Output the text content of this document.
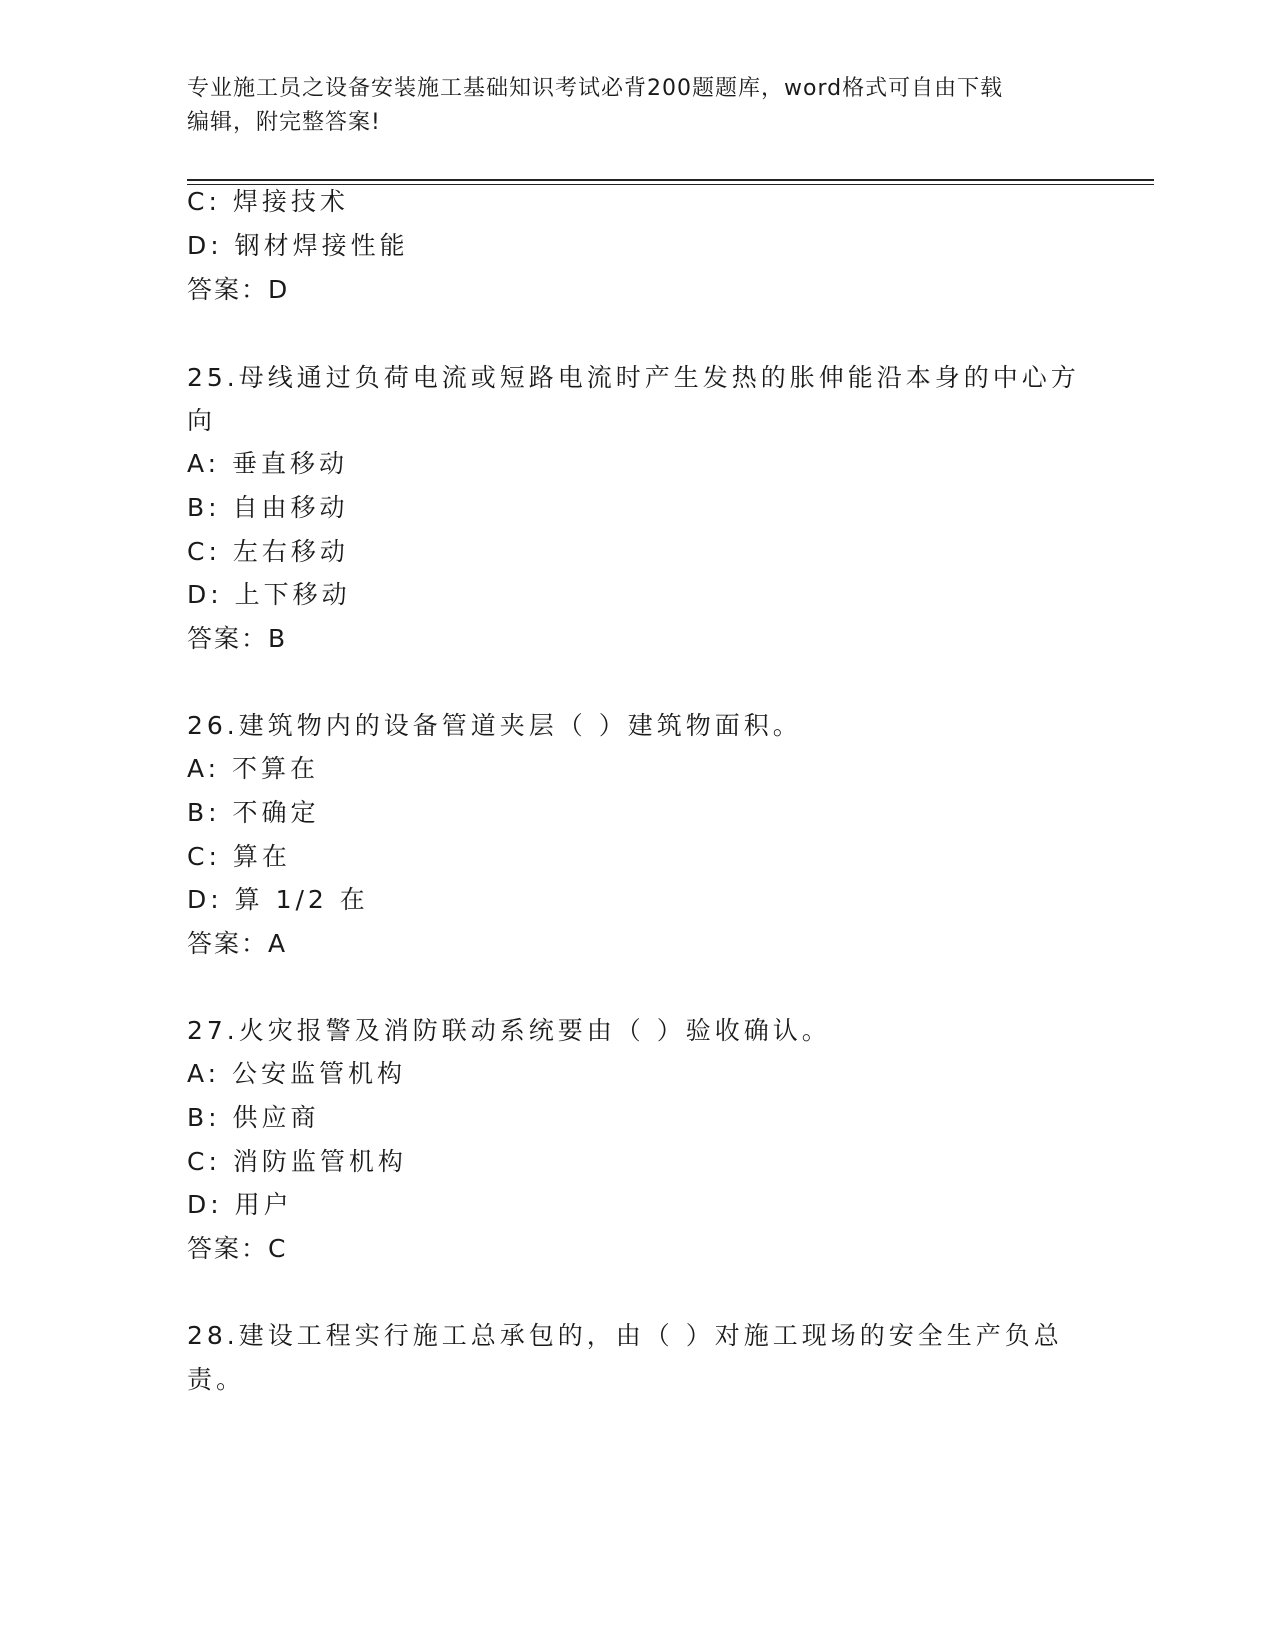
专业施工员之设备安装施工基础知识考试必背200题题库，word格式可自由下载
编辑，附完整答案!
C: 焊接技术
D: 钢材焊接性能
答案：D
25.母线通过负荷电流或短路电流时产生发热的胀伸能沿本身的中心方
向
A: 垂直移动
B: 自由移动
C: 左右移动
D: 上下移动
答案：B
26.建筑物内的设备管道夹层（ ）建筑物面积。
A: 不算在
B: 不确定
C: 算在
D: 算 1/2 在
答案：A
27.火灾报警及消防联动系统要由（ ）验收确认。
A: 公安监管机构
B: 供应商
C: 消防监管机构
D: 用户
答案：C
28.建设工程实行施工总承包的，由（ ）对施工现场的安全生产负总
责。
